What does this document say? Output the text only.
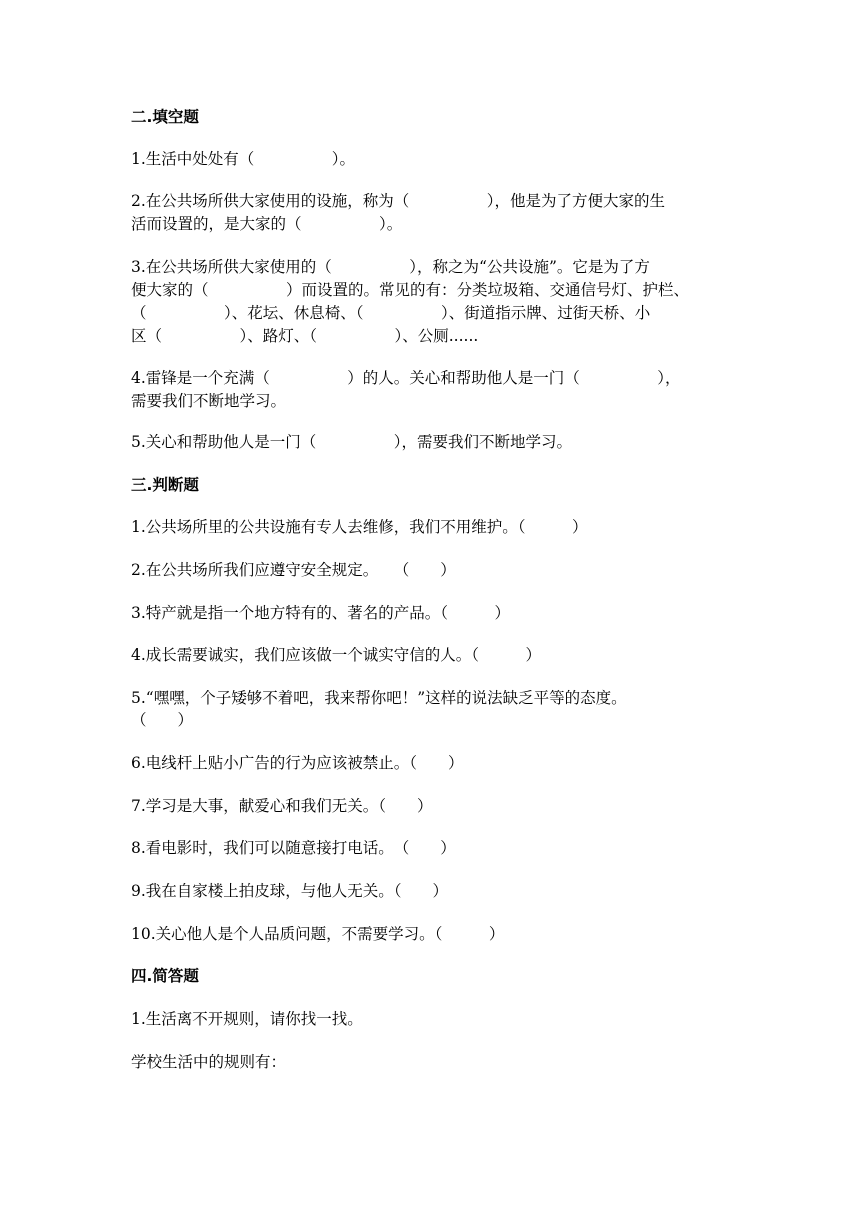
二.填空题
1.生活中处处有（　　　　　）。
2.在公共场所供大家使用的设施，称为（　　　　　），他是为了方便大家的生
活而设置的，是大家的（　　　　　）。
3.在公共场所供大家使用的（　　　　　），称之为“公共设施”。它是为了方
便大家的（　　　　　）而设置的。常见的有：分类垃圾箱、交通信号灯、护栏、
（　　　　　）、花坛、休息椅、（　　　　　）、街道指示牌、过街天桥、小
区（　　　　　）、路灯、（　　　　　）、公厕......
4.雷锋是一个充满（　　　　　）的人。关心和帮助他人是一门（　　　　　），
需要我们不断地学习。
5.关心和帮助他人是一门（　　　　　），需要我们不断地学习。
三.判断题
1.公共场所里的公共设施有专人去维修，我们不用维护。（　　　）
2.在公共场所我们应遵守安全规定。　　（　　）
3.特产就是指一个地方特有的、著名的产品。（　　　）
4.成长需要诚实，我们应该做一个诚实守信的人。（　　　）
5.“嘿嘿，个子矮够不着吧，我来帮你吧！”这样的说法缺乏平等的态度。
（　　）
6.电线杆上贴小广告的行为应该被禁止。（　　）
7.学习是大事，献爱心和我们无关。（　　）
8.看电影时，我们可以随意接打电话。　（　　）
9.我在自家楼上拍皮球，与他人无关。（　　）
10.关心他人是个人品质问题，不需要学习。（　　　）
四.简答题
1.生活离不开规则，请你找一找。
学校生活中的规则有：
